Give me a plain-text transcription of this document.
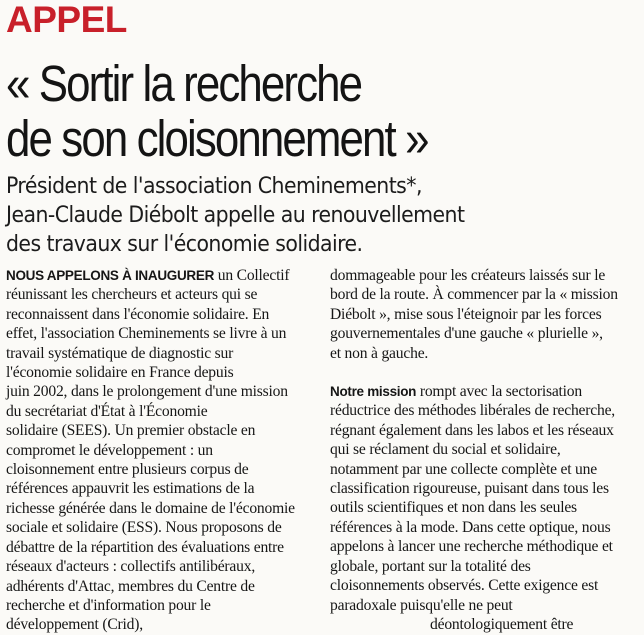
APPEL
« Sortir la recherche
de son cloisonnement »
Président de l'association Cheminements*,
Jean-Claude Diébolt appelle au renouvellement
des travaux sur l'économie solidaire.
NOUS APPELONS À INAUGURER un Collectif
réunissant les chercheurs et acteurs qui se
reconnaissent dans l'économie solidaire. En
effet, l'association Cheminements se livre à un
travail systématique de diagnostic sur
l'économie solidaire en France depuis
juin 2002, dans le prolongement d'une mission
du secrétariat d'État à l'Économie
solidaire (SEES). Un premier obstacle en
compromet le développement : un
cloisonnement entre plusieurs corpus de
références appauvrit les estimations de la
richesse générée dans le domaine de l'économie
sociale et solidaire (ESS). Nous proposons de
débattre de la répartition des évaluations entre
réseaux d'acteurs : collectifs antilibéraux,
adhérents d'Attac, membres du Centre de
recherche et d'information pour le
développement (Crid),
dommageable pour les créateurs laissés sur le
bord de la route. À commencer par la « mission
Diébolt », mise sous l'éteignoir par les forces
gouvernementales d'une gauche « plurielle »,
et non à gauche.
Notre mission rompt avec la sectorisation
réductrice des méthodes libérales de recherche,
régnant également dans les labos et les réseaux
qui se réclament du social et solidaire,
notamment par une collecte complète et une
classification rigoureuse, puisant dans tous les
outils scientifiques et non dans les seules
références à la mode. Dans cette optique, nous
appelons à lancer une recherche méthodique et
globale, portant sur la totalité des
cloisonnements observés. Cette exigence est
paradoxale puisqu'elle ne peut
déontologiquement être
